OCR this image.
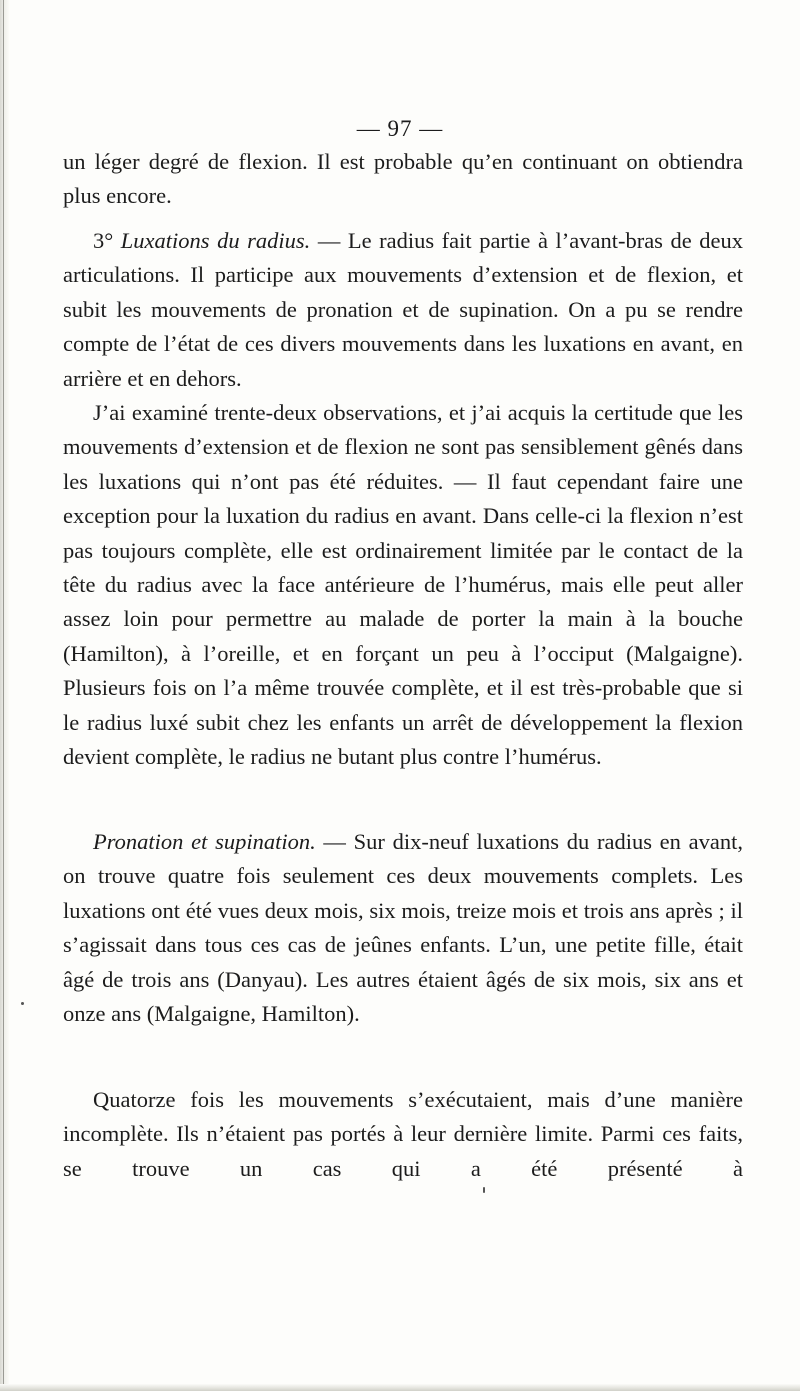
— 97 —

un léger degré de flexion. Il est probable qu’en continuant on obtiendra plus encore.

3° Luxations du radius. — Le radius fait partie à l’avant-bras de deux articulations. Il participe aux mouvements d’extension et de flexion, et subit les mouvements de pronation et de supination. On a pu se rendre compte de l’état de ces divers mouvements dans les luxations en avant, en arrière et en dehors.

J’ai examiné trente-deux observations, et j’ai acquis la certitude que les mouvements d’extension et de flexion ne sont pas sensiblement gênés dans les luxations qui n’ont pas été réduites. — Il faut cependant faire une exception pour la luxation du radius en avant. Dans celle-ci la flexion n’est pas toujours complète, elle est ordinairement limitée par le contact de la tête du radius avec la face antérieure de l’humérus, mais elle peut aller assez loin pour permettre au malade de porter la main à la bouche (Hamilton), à l’oreille, et en forçant un peu à l’occiput (Malgaigne). Plusieurs fois on l’a même trouvée complète, et il est très-probable que si le radius luxé subit chez les enfants un arrêt de développement la flexion devient complète, le radius ne butant plus contre l’humérus.

Pronation et supination. — Sur dix-neuf luxations du radius en avant, on trouve quatre fois seulement ces deux mouvements complets. Les luxations ont été vues deux mois, six mois, treize mois et trois ans après ; il s’agissait dans tous ces cas de jeûnes enfants. L’un, une petite fille, était âgé de trois ans (Danyau). Les autres étaient âgés de six mois, six ans et onze ans (Malgaigne, Hamilton).

Quatorze fois les mouvements s’exécutaient, mais d’une manière incomplète. Ils n’étaient pas portés à leur dernière limite. Parmi ces faits, se trouve un cas qui a été présenté à
